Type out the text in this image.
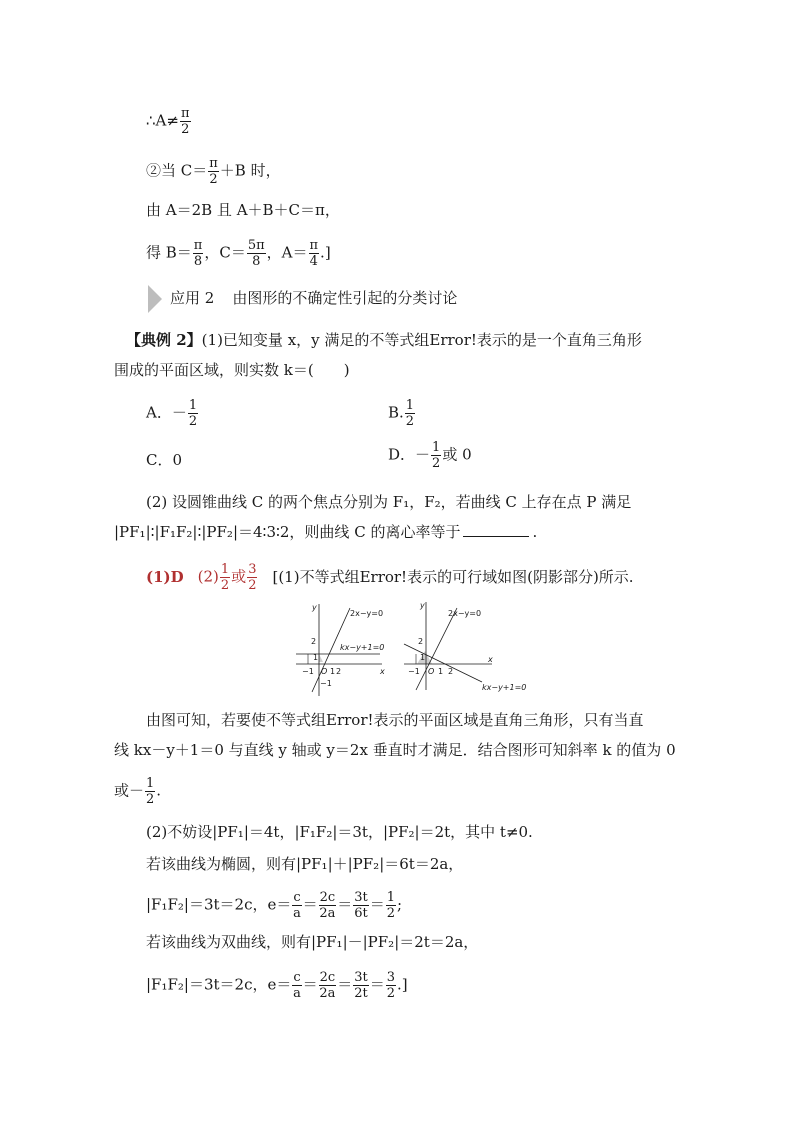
∴A≠ $\frac{\pi}{2}$
②当 $C= \frac{\pi}{2} +B$ 时，
由 A＝2B 且 A＋B＋C＝π，
得 $B= \frac{\pi}{8}$ ，$C= \frac{5\pi}{8}$ ，$A= \frac{\pi}{4}$ .]
应用 2 由图形的不确定性引起的分类讨论
【典例 2】(1)已知变量 x，y 满足的不等式组Error!表示的是一个直角三角形
围成的平面区域，则实数 k＝( )
A．－ $\frac{1}{2}$	B. $\frac{1}{2}$
C．0	D．－ $\frac{1}{2}$ 或 0
(2) 设圆锥曲线 C 的两个焦点分别为 F₁，F₂，若曲线 C 上存在点 P 满足
|PF₁|∶|F₁F₂|∶|PF₂|＝4∶3∶2，则曲线 C 的离心率等于	.
(1)D $(2) \frac{1}{2}$ 或 $\frac{3}{2} [(1)$不等式组Error!表示的可行域如图(阴影部分)所示.
y
x
O
2x−y=0
kx−y+1=0
2
1
−1 1 2
−1
y
x
O
2x−y=0
kx−y+1=0
2
1
−1 1 2
由图可知，若要使不等式组Error!表示的平面区域是直角三角形，只有当直
线 kx－y＋1＝0 与直线 y 轴或 y＝2x 垂直时才满足．结合图形可知斜率 k 的值为 0
或－ $\frac{1}{2}$ .
(2)不妨设|PF₁|＝4t，|F₁F₂|＝3t，|PF₂|＝2t，其中 t≠0.
若该曲线为椭圆，则有|PF₁|＋|PF₂|＝6t＝2a，
|F₁F₂|＝3t＝2c，$e= \frac{c}{a} = \frac{2c}{2a} = \frac{3t}{6t} = \frac{1}{2}$ ;
若该曲线为双曲线，则有|PF₁|－|PF₂|＝2t＝2a，
|F₁F₂|＝3t＝2c，$e= \frac{c}{a} = \frac{2c}{2a} = \frac{3t}{2t} = \frac{3}{2}$ .]
